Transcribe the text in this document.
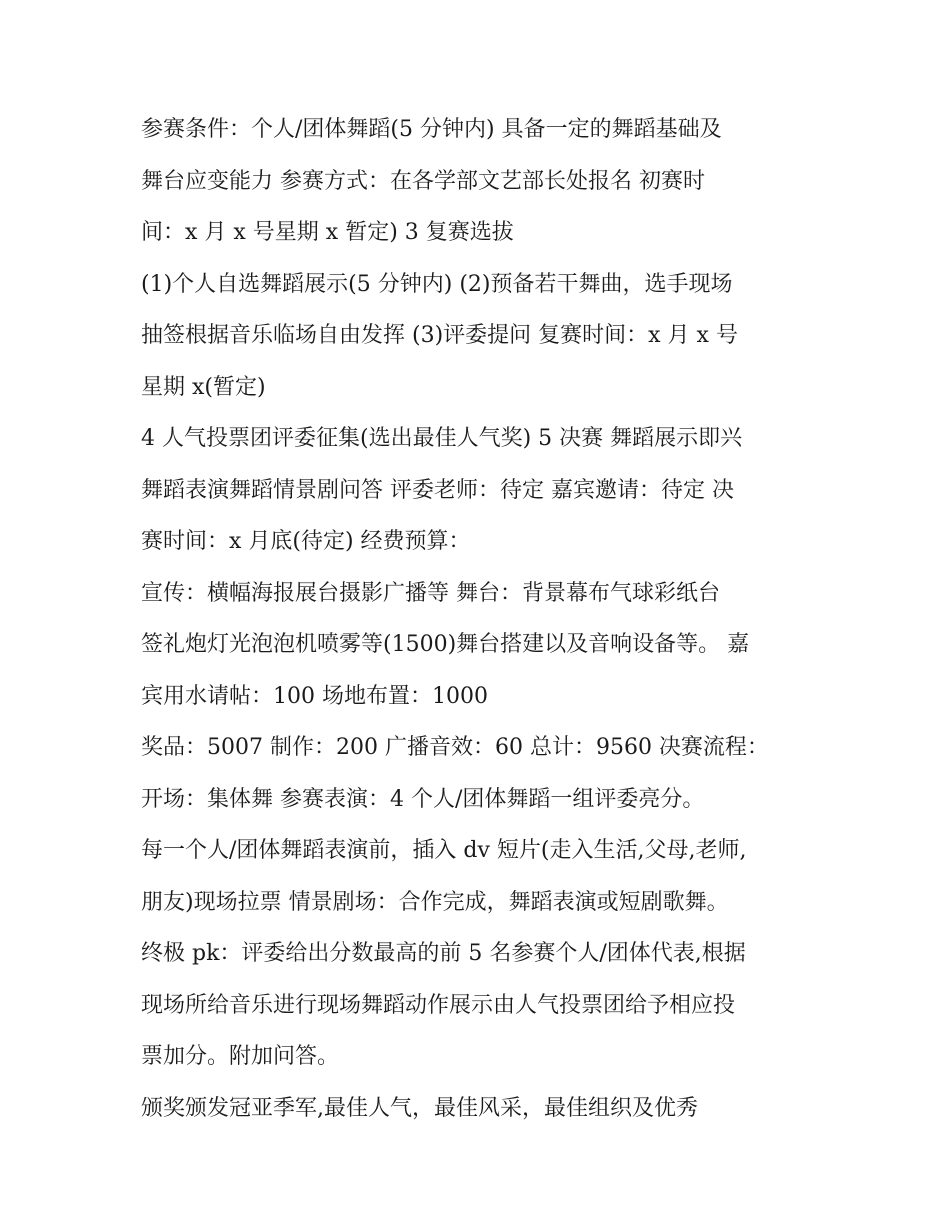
参赛条件：个人/团体舞蹈(5 分钟内) 具备一定的舞蹈基础及
舞台应变能力 参赛方式：在各学部文艺部长处报名 初赛时
间：x 月 x 号星期 x 暂定) 3 复赛选拔
(1)个人自选舞蹈展示(5 分钟内) (2)预备若干舞曲，选手现场
抽签根据音乐临场自由发挥 (3)评委提问 复赛时间：x 月 x 号
星期 x(暂定)
4 人气投票团评委征集(选出最佳人气奖) 5 决赛 舞蹈展示即兴
舞蹈表演舞蹈情景剧问答 评委老师：待定 嘉宾邀请：待定 决
赛时间：x 月底(待定) 经费预算：
宣传：横幅海报展台摄影广播等 舞台：背景幕布气球彩纸台
签礼炮灯光泡泡机喷雾等(1500)舞台搭建以及音响设备等。 嘉
宾用水请帖：100 场地布置：1000
奖品：5007 制作：200 广播音效：60 总计：9560 决赛流程：
开场：集体舞 参赛表演：4 个人/团体舞蹈一组评委亮分。
每一个人/团体舞蹈表演前，插入 dv 短片(走入生活,父母,老师,
朋友)现场拉票 情景剧场：合作完成，舞蹈表演或短剧歌舞。
终极 pk：评委给出分数最高的前 5 名参赛个人/团体代表,根据
现场所给音乐进行现场舞蹈动作展示由人气投票团给予相应投
票加分。附加问答。
颁奖颁发冠亚季军,最佳人气，最佳风采，最佳组织及优秀
